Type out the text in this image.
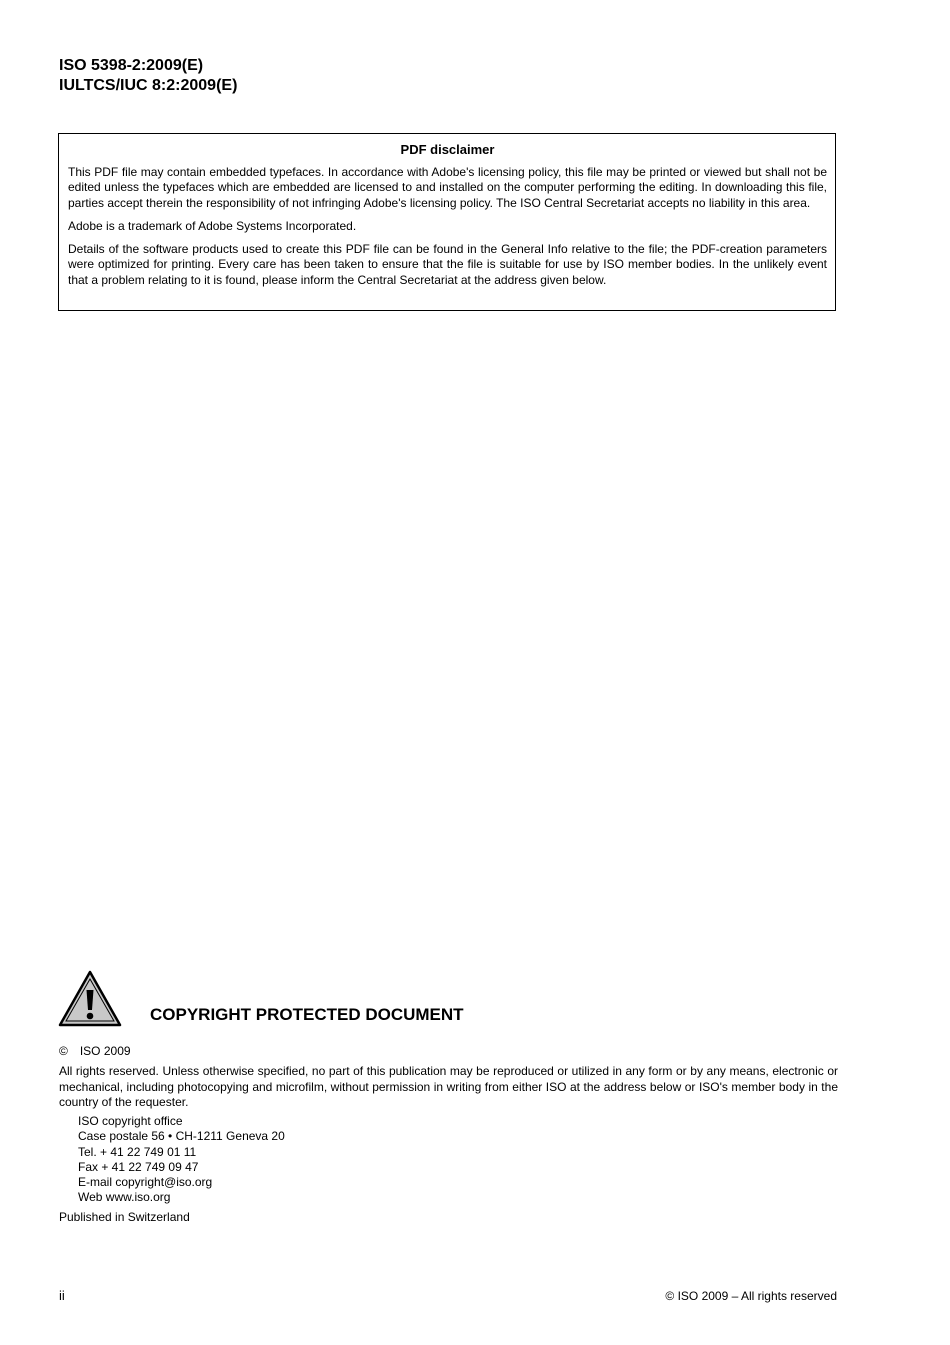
ISO 5398-2:2009(E)
IULTCS/IUC 8:2:2009(E)
PDF disclaimer

This PDF file may contain embedded typefaces. In accordance with Adobe's licensing policy, this file may be printed or viewed but shall not be edited unless the typefaces which are embedded are licensed to and installed on the computer performing the editing. In downloading this file, parties accept therein the responsibility of not infringing Adobe's licensing policy. The ISO Central Secretariat accepts no liability in this area.

Adobe is a trademark of Adobe Systems Incorporated.

Details of the software products used to create this PDF file can be found in the General Info relative to the file; the PDF-creation parameters were optimized for printing. Every care has been taken to ensure that the file is suitable for use by ISO member bodies. In the unlikely event that a problem relating to it is found, please inform the Central Secretariat at the address given below.

COPYRIGHT PROTECTED DOCUMENT
© ISO 2009
All rights reserved. Unless otherwise specified, no part of this publication may be reproduced or utilized in any form or by any means, electronic or mechanical, including photocopying and microfilm, without permission in writing from either ISO at the address below or ISO's member body in the country of the requester.
ISO copyright office
Case postale 56 • CH-1211 Geneva 20
Tel. + 41 22 749 01 11
Fax + 41 22 749 09 47
E-mail copyright@iso.org
Web www.iso.org
Published in Switzerland
ii	© ISO 2009 – All rights reserved
